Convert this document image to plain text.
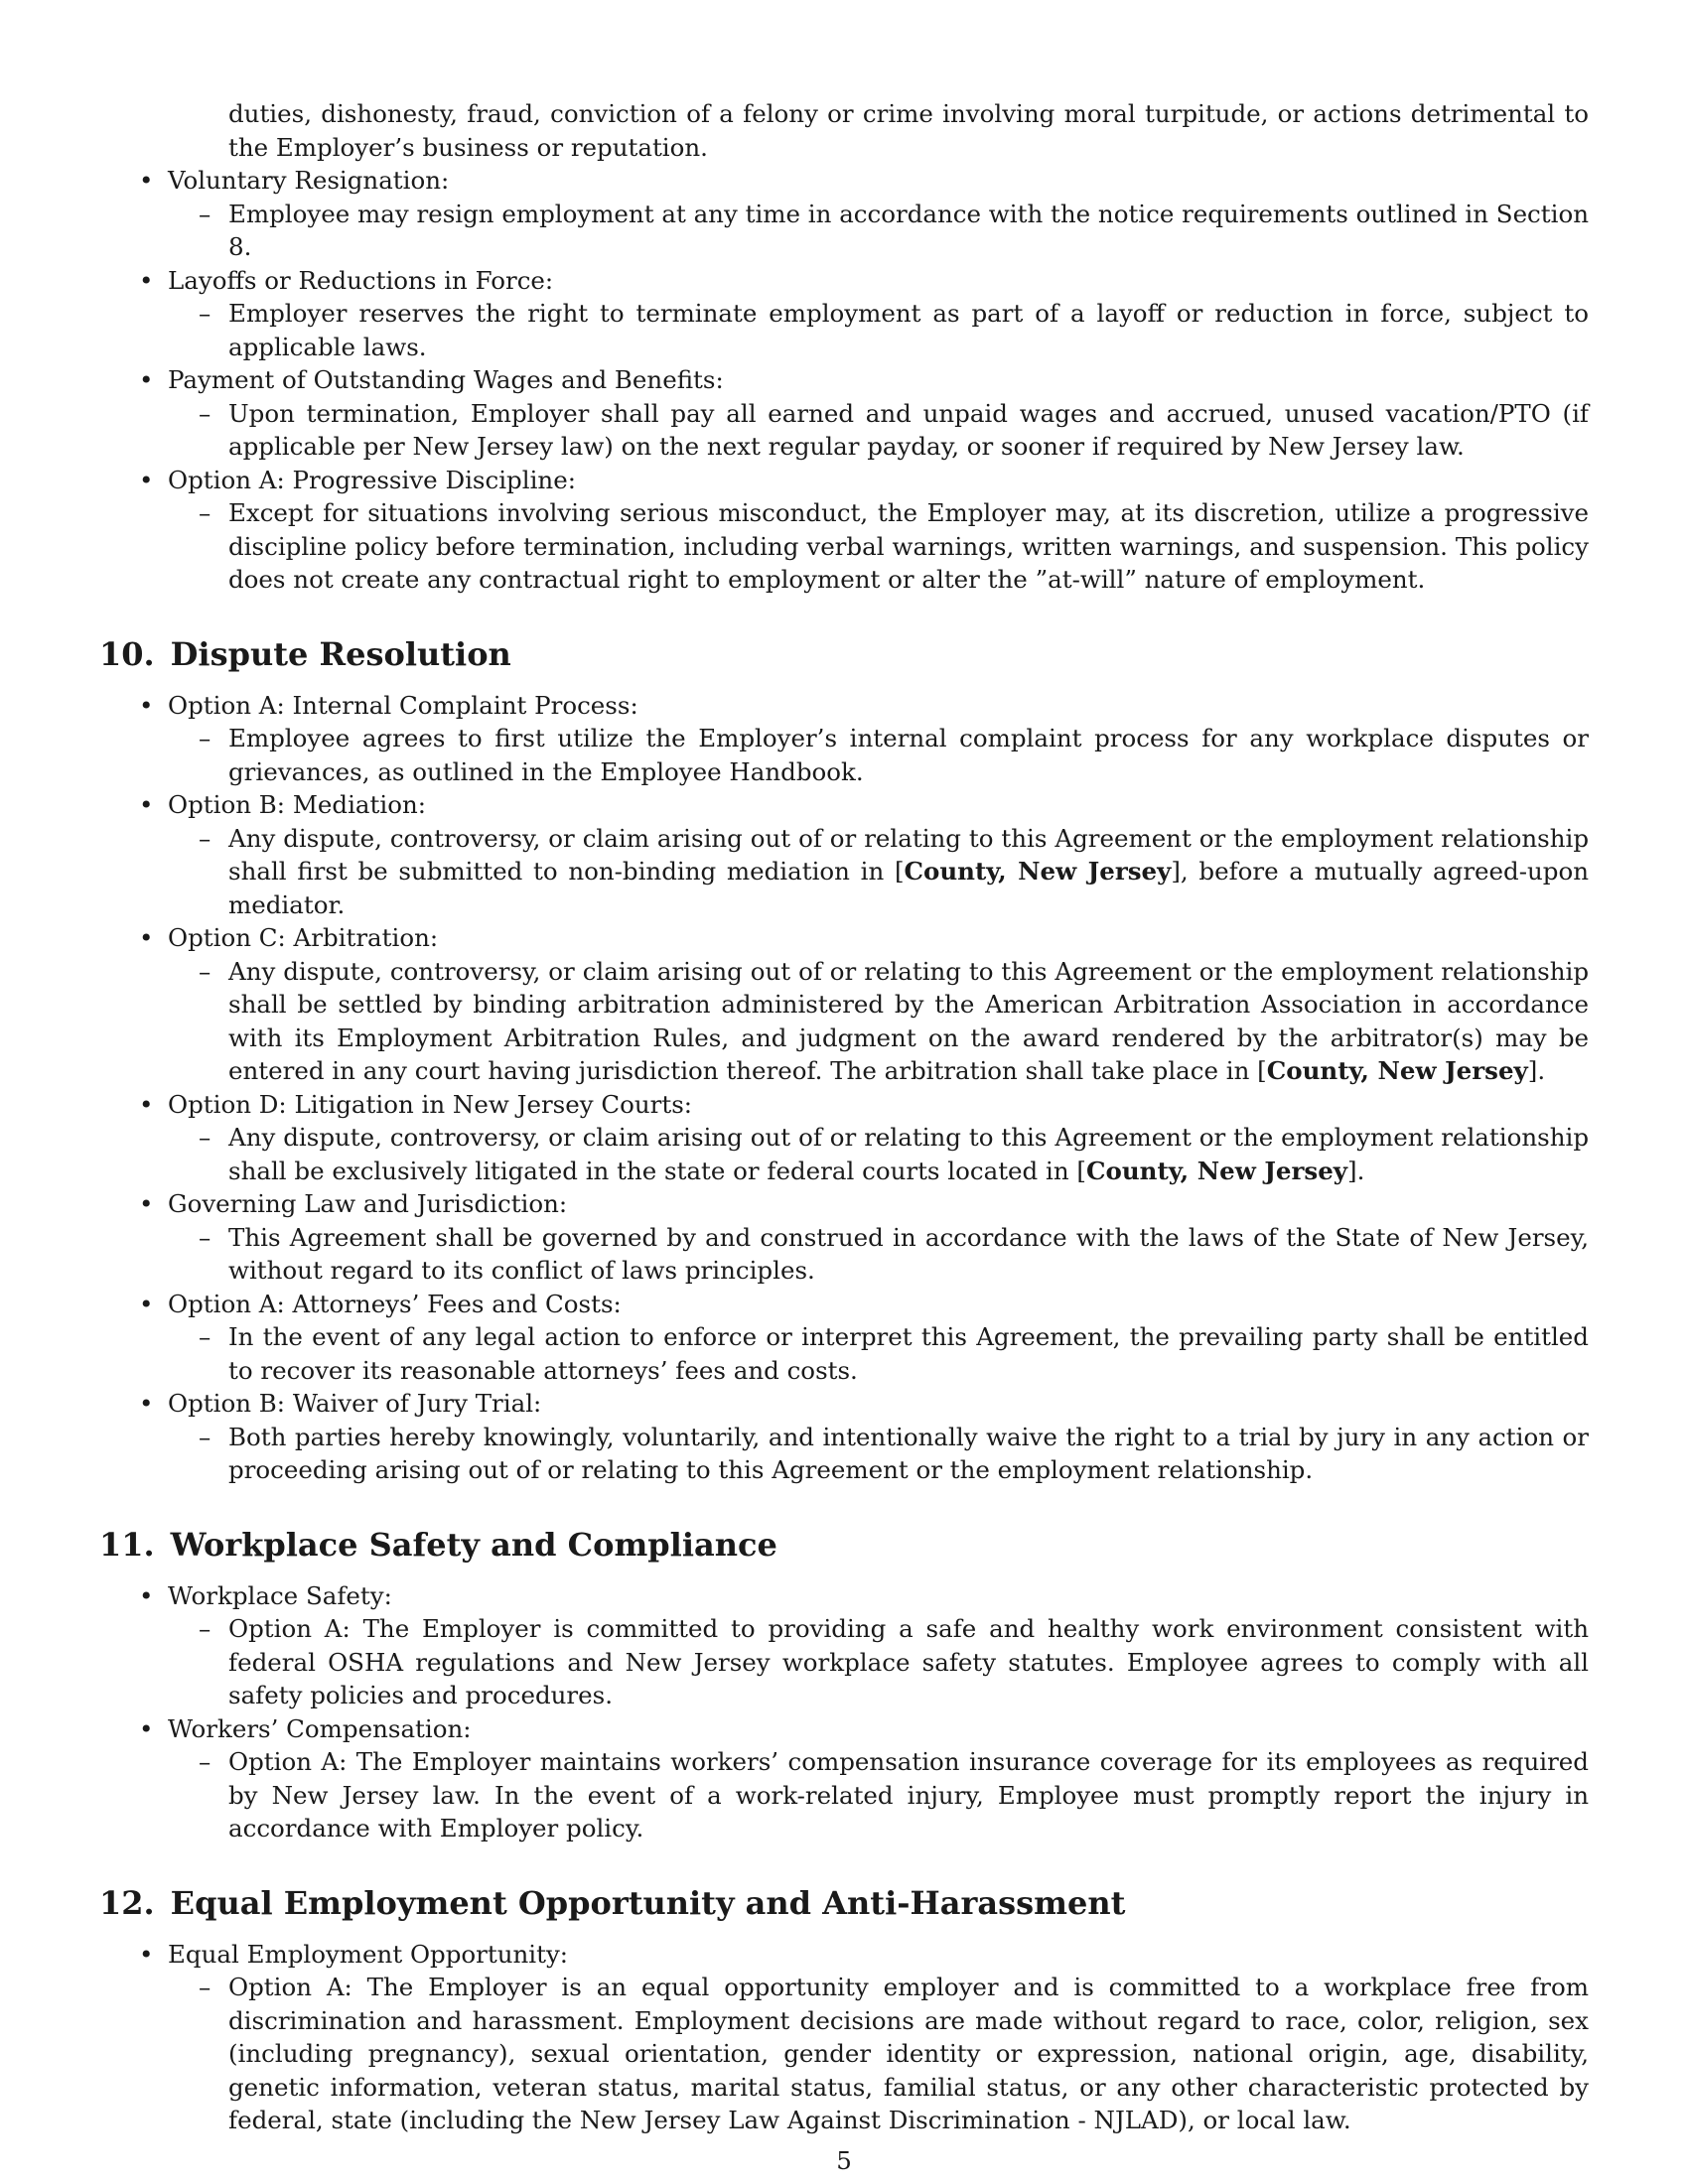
duties, dishonesty, fraud, conviction of a felony or crime involving moral turpitude, or actions detrimental to the Employer’s business or reputation.
• Voluntary Resignation:
– Employee may resign employment at any time in accordance with the notice requirements outlined in Section 8.
• Layoffs or Reductions in Force:
– Employer reserves the right to terminate employment as part of a layoff or reduction in force, subject to applicable laws.
• Payment of Outstanding Wages and Benefits:
– Upon termination, Employer shall pay all earned and unpaid wages and accrued, unused vacation/PTO (if applicable per New Jersey law) on the next regular payday, or sooner if required by New Jersey law.
• Option A: Progressive Discipline:
– Except for situations involving serious misconduct, the Employer may, at its discretion, utilize a progressive discipline policy before termination, including verbal warnings, written warnings, and suspension. This policy does not create any contractual right to employment or alter the ”at-will” nature of employment.
10. Dispute Resolution
• Option A: Internal Complaint Process:
– Employee agrees to first utilize the Employer’s internal complaint process for any workplace disputes or grievances, as outlined in the Employee Handbook.
• Option B: Mediation:
– Any dispute, controversy, or claim arising out of or relating to this Agreement or the employment relationship shall first be submitted to non-binding mediation in [County, New Jersey], before a mutually agreed-upon mediator.
• Option C: Arbitration:
– Any dispute, controversy, or claim arising out of or relating to this Agreement or the employment relationship shall be settled by binding arbitration administered by the American Arbitration Association in accordance with its Employment Arbitration Rules, and judgment on the award rendered by the arbitrator(s) may be entered in any court having jurisdiction thereof. The arbitration shall take place in [County, New Jersey].
• Option D: Litigation in New Jersey Courts:
– Any dispute, controversy, or claim arising out of or relating to this Agreement or the employment relationship shall be exclusively litigated in the state or federal courts located in [County, New Jersey].
• Governing Law and Jurisdiction:
– This Agreement shall be governed by and construed in accordance with the laws of the State of New Jersey, without regard to its conflict of laws principles.
• Option A: Attorneys’ Fees and Costs:
– In the event of any legal action to enforce or interpret this Agreement, the prevailing party shall be entitled to recover its reasonable attorneys’ fees and costs.
• Option B: Waiver of Jury Trial:
– Both parties hereby knowingly, voluntarily, and intentionally waive the right to a trial by jury in any action or proceeding arising out of or relating to this Agreement or the employment relationship.
11. Workplace Safety and Compliance
• Workplace Safety:
– Option A: The Employer is committed to providing a safe and healthy work environment consistent with federal OSHA regulations and New Jersey workplace safety statutes. Employee agrees to comply with all safety policies and procedures.
• Workers’ Compensation:
– Option A: The Employer maintains workers’ compensation insurance coverage for its employees as required by New Jersey law. In the event of a work-related injury, Employee must promptly report the injury in accordance with Employer policy.
12. Equal Employment Opportunity and Anti-Harassment
• Equal Employment Opportunity:
– Option A: The Employer is an equal opportunity employer and is committed to a workplace free from discrimination and harassment. Employment decisions are made without regard to race, color, religion, sex (including pregnancy), sexual orientation, gender identity or expression, national origin, age, disability, genetic information, veteran status, marital status, familial status, or any other characteristic protected by federal, state (including the New Jersey Law Against Discrimination - NJLAD), or local law.
5
